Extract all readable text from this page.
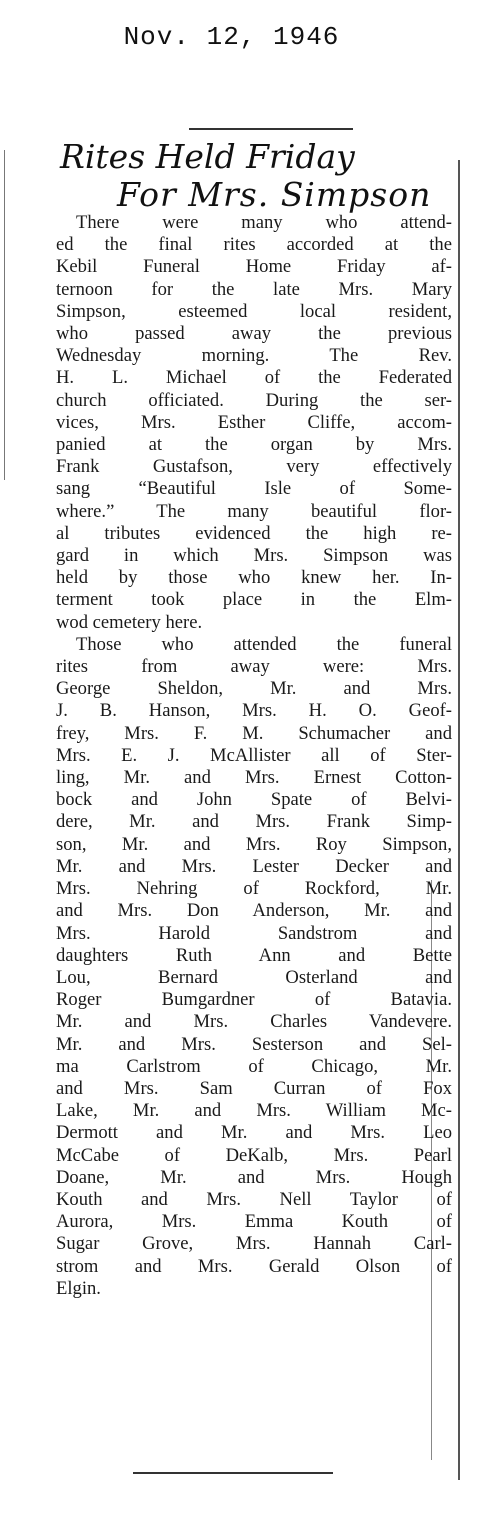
Nov. 12, 1946
Rites Held Friday
For Mrs. Simpson
There were many who attend-
ed the final rites accorded at the
Kebil Funeral Home Friday af-
ternoon for the late Mrs. Mary
Simpson, esteemed local resident,
who passed away the previous
Wednesday morning. The Rev.
H. L. Michael of the Federated
church officiated. During the ser-
vices, Mrs. Esther Cliffe, accom-
panied at the organ by Mrs.
Frank Gustafson, very effectively
sang “Beautiful Isle of Some-
where.” The many beautiful flor-
al tributes evidenced the high re-
gard in which Mrs. Simpson was
held by those who knew her. In-
terment took place in the Elm-
wod cemetery here.
Those who attended the funeral
rites from away were: Mrs.
George Sheldon, Mr. and Mrs.
J. B. Hanson, Mrs. H. O. Geof-
frey, Mrs. F. M. Schumacher and
Mrs. E. J. McAllister all of Ster-
ling, Mr. and Mrs. Ernest Cotton-
bock and John Spate of Belvi-
dere, Mr. and Mrs. Frank Simp-
son, Mr. and Mrs. Roy Simpson,
Mr. and Mrs. Lester Decker and
Mrs. Nehring of Rockford, Mr.
and Mrs. Don Anderson, Mr. and
Mrs. Harold Sandstrom and
daughters Ruth Ann and Bette
Lou, Bernard Osterland and
Roger Bumgardner of Batavia.
Mr. and Mrs. Charles Vandevere.
Mr. and Mrs. Sesterson and Sel-
ma Carlstrom of Chicago, Mr.
and Mrs. Sam Curran of Fox
Lake, Mr. and Mrs. William Mc-
Dermott and Mr. and Mrs. Leo
McCabe of DeKalb, Mrs. Pearl
Doane, Mr. and Mrs. Hough
Kouth and Mrs. Nell Taylor of
Aurora, Mrs. Emma Kouth of
Sugar Grove, Mrs. Hannah Carl-
strom and Mrs. Gerald Olson of
Elgin.
